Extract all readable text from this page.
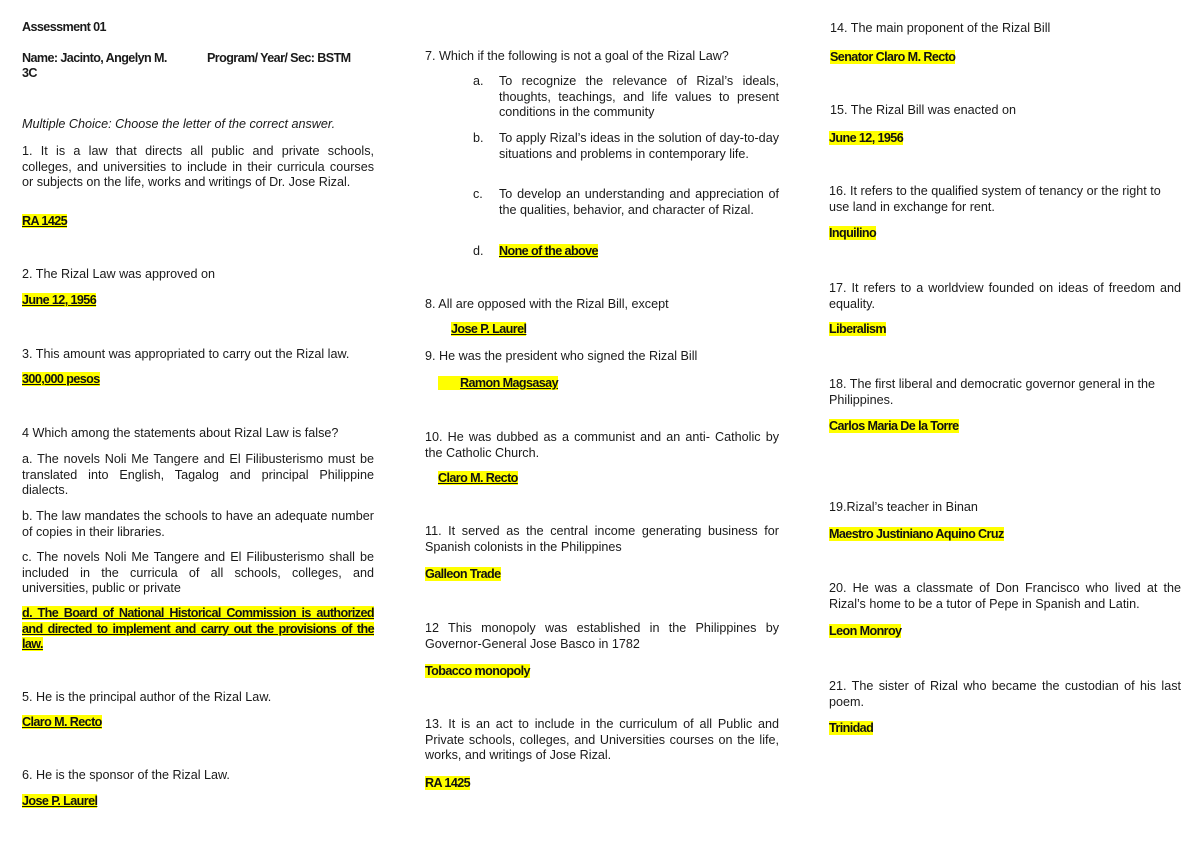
Assessment 01
Name: Jacinto, Angelyn M.	Program/ Year/ Sec: BSTM
3C
Multiple Choice: Choose the letter of the correct answer.
1. It is a law that directs all public and private schools, colleges, and universities to include in their curricula courses or subjects on the life, works and writings of Dr. Jose Rizal.
RA 1425
2. The Rizal Law was approved on
June 12, 1956
3. This amount was appropriated to carry out the Rizal law.
300,000 pesos
4 Which among the statements about Rizal Law is false?
a. The novels Noli Me Tangere and El Filibusterismo must be translated into English, Tagalog and principal Philippine dialects.
b. The law mandates the schools to have an adequate number of copies in their libraries.
c. The novels Noli Me Tangere and El Filibusterismo shall be included in the curricula of all schools, colleges, and universities, public or private
d. The Board of National Historical Commission is authorized and directed to implement and carry out the provisions of the law.
5. He is the principal author of the Rizal Law.
Claro M. Recto
6. He is the sponsor of the Rizal Law.
Jose P. Laurel
7. Which if the following is not a goal of the Rizal Law?
a. To recognize the relevance of Rizal’s ideals, thoughts, teachings, and life values to present conditions in the community
b. To apply Rizal’s ideas in the solution of day-to-day situations and problems in contemporary life.
c. To develop an understanding and appreciation of the qualities, behavior, and character of Rizal.
d. None of the above
8. All are opposed with the Rizal Bill, except
Jose P. Laurel
9. He was the president who signed the Rizal Bill
Ramon Magsasay
10. He was dubbed as a communist and an anti- Catholic by the Catholic Church.
Claro M. Recto
11. It served as the central income generating business for Spanish colonists in the Philippines
Galleon Trade
12 This monopoly was established in the Philippines by Governor-General Jose Basco in 1782
Tobacco monopoly
13. It is an act to include in the curriculum of all Public and Private schools, colleges, and Universities courses on the life, works, and writings of Jose Rizal.
RA 1425
14. The main proponent of the Rizal Bill
Senator Claro M. Recto
15. The Rizal Bill was enacted on
June 12, 1956
16. It refers to the qualified system of tenancy or the right to use land in exchange for rent.
Inquilino
17. It refers to a worldview founded on ideas of freedom and equality.
Liberalism
18. The first liberal and democratic governor general in the Philippines.
Carlos Maria De la Torre
19.Rizal’s teacher in Binan
Maestro Justiniano Aquino Cruz
20. He was a classmate of Don Francisco who lived at the Rizal’s home to be a tutor of Pepe in Spanish and Latin.
Leon Monroy
21. The sister of Rizal who became the custodian of his last poem.
Trinidad
